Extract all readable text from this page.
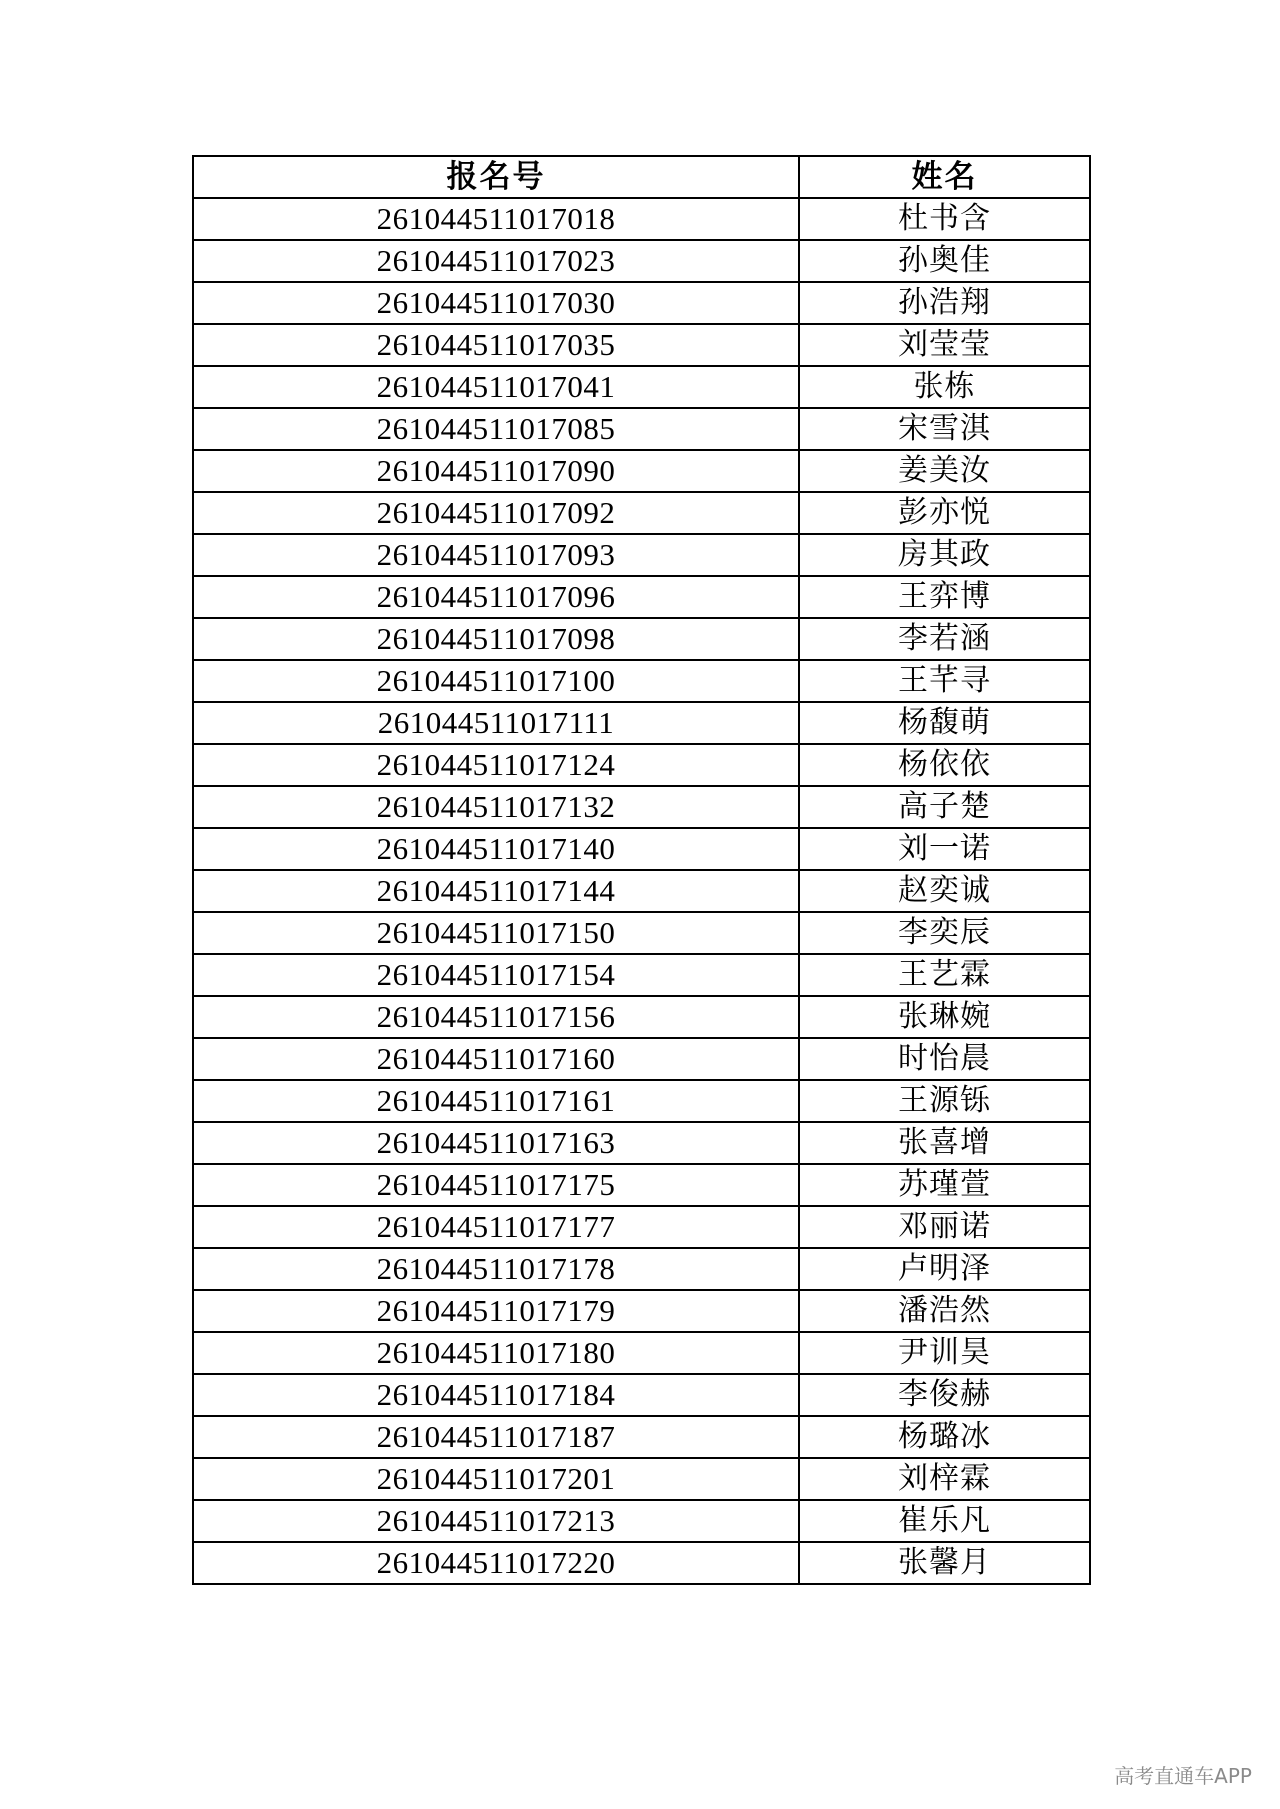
报名号	姓名
261044511017018	杜书含
261044511017023	孙奥佳
261044511017030	孙浩翔
261044511017035	刘莹莹
261044511017041	张栋
261044511017085	宋雪淇
261044511017090	姜美汝
261044511017092	彭亦悦
261044511017093	房其政
261044511017096	王弈博
261044511017098	李若涵
261044511017100	王芊寻
261044511017111	杨馥萌
261044511017124	杨依依
261044511017132	高子楚
261044511017140	刘一诺
261044511017144	赵奕诚
261044511017150	李奕辰
261044511017154	王艺霖
261044511017156	张琳婉
261044511017160	时怡晨
261044511017161	王源铄
261044511017163	张喜增
261044511017175	苏瑾萱
261044511017177	邓丽诺
261044511017178	卢明泽
261044511017179	潘浩然
261044511017180	尹训昊
261044511017184	李俊赫
261044511017187	杨璐冰
261044511017201	刘梓霖
261044511017213	崔乐凡
261044511017220	张馨月
高考直通车APP
